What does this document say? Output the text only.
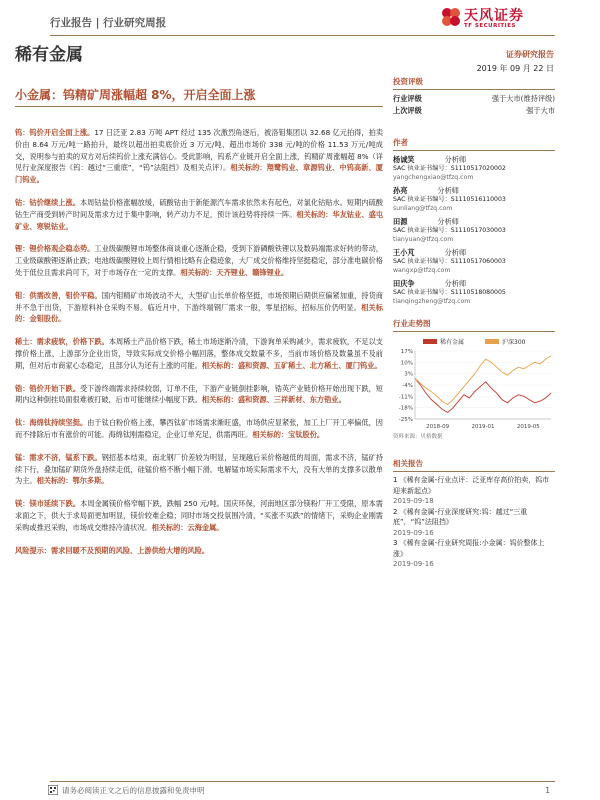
行业报告 | 行业研究周报	天风证券
TF SECURITIES
稀有金属	证券研究报告
2019 年 09 月 22 日
小金属：钨精矿周涨幅超 8%，开启全面上涨

钨：钨价开启全面上涨。17 日泛亚 2.83 万吨 APT 经过 135 次激烈角逐后，被洛钼集团以 32.68 亿元拍得，拍卖价由 8.64 万元/吨一路拍升，最终以超出拍卖底价近 3 万元/吨、超出市场价 338 元/吨的价格 11.53 万元/吨成交，说明参与拍卖的双方对后续钨价上涨充满信心。受此影响，钨系产业链开启全面上涨，钨精矿周涨幅超 8%（详见行业深度报告《钨：越过“三重底”，“钨”法阻挡》及相关点评）。相关标的：翔鹭钨业、章源钨业、中钨高新、厦门钨业。

钴：钴价继续上涨。本周钴盐价格涨幅放缓，硫酸钴由于新能源汽车需求依然未有起色，对氯化钴贴水。短期内硫酸钴生产商受到转产时间及需求方过于集中影响，转产动力不足，预计该趋势将持续一阵。相关标的：华友钴业、盛屯矿业、寒锐钴业。

锂：锂价格观企稳态势。工业级碳酸锂市场整体商谈重心逐渐企稳，受到下游磷酸铁锂以及数码端需求好转的带动，工业级碳酸锂逐渐止跌；电池级碳酸锂较上周行情相比略有企稳迹象，大厂成交价格维持坚挺稳定，部分准电碳价格处于低位且需求尚可下，对于市场存在一定的支撑。相关标的：天齐锂业、赣锋锂业。

钼：供需改善，钼价平稳。国内钼精矿市场波动不大，大型矿山长单价格坚挺，市场预期后期供应偏紧加重，持货商并不急于出货，下游原料补仓采购不易。临近月中，下游终端钢厂需求一般，零星招标，招标压价仍明显。相关标的：金钼股份。

稀土：需求疲软，价格下跌。本周稀土产品价格下跌，稀土市场逐渐冷清，下游询单采购减少，需求疲软，不足以支撑价格上涨，上游部分企业出货，导致实际成交价格小幅回落，整体成交数量不多，当前市场价格及数量虽不及前期，但对后市商家心态稳定，且部分认为还有上涨的可能。相关标的：盛和资源、五矿稀土、北方稀土、厦门钨业。

锆：锆价开始下跌。受下游终端需求持续较弱，订单不佳，下游产业链倒挂影响，锆英产业链价格开始出现下跌，短期内这种倒挂局面很难被打破，后市可能继续小幅度下跌。相关标的：盛和资源、三祥新材、东方锆业。

钛：海绵钛持续坚挺。由于钛白粉价格上涨，攀西钛矿市场需求渐旺盛，市场供应显紧张，加工上厂开工率偏低，因而不排除后市有涨价的可能。海绵钛刚需稳定，企业订单充足，供需两旺。相关标的：宝钛股份。

锰：需求不济，锰系下跌。钢招基本结束，南北钢厂价差较为明显，呈现越后采价格越低的局面，需求不济，锰矿持续下行，叠加锰矿期货外盘持续走低，硅锰价格不断小幅下滑。电解锰市场实际需求不大，没有大单的支撑多以散单为主。相关标的：鄂尔多斯。

镁：镁市延续下跌。本周金属镁价格窄幅下跌，跌幅 250 元/吨。国庆环保，河南地区部分镁粉厂开工受限，原本需求面之下，供大于求局面更加明显，镁价较难企稳；同时市场交投氛围冷清，“买涨不买跌”的情绪下，采购企业刚需采购或推迟采购，市场成交维持冷清状况。相关标的：云海金属。

风险提示：需求回暖不及预期的风险、上游供给大增的风险。

投资评级
行业评级	强于大市(维持评级)
上次评级	强于大市
作者
杨诚笑	分析师
SAC 执业证书编号：S1110517020002
yangchengxiao@tfzq.com
孙亮	分析师
SAC 执业证书编号：S1110516110003
sunliang@tfzq.com
田源	分析师
SAC 执业证书编号：S1110517030003
tianyuan@tfzq.com
王小芃	分析师
SAC 执业证书编号：S1110517060003
wangxp@tfzq.com
田庆争	分析师
SAC 执业证书编号：S1110518080005
tianqingzheng@tfzq.com
行业走势图
稀有金属	沪深300
17%
10%
3%
-4%
-11%
-18%
-25%
2018-09	2019-01	2019-05
资料来源：贝格数据
相关报告
1 《稀有金属-行业点评：泛亚库存高价拍卖，钨市迎来新起点》
2019-09-18
2 《稀有金属-行业深度研究:钨：越过“三重底”，“钨”法阻挡》
2019-09-16
3 《稀有金属-行业研究周报:小金属：钨价整体上涨》
2019-09-16
请务必阅读正文之后的信息披露和免责申明	1
